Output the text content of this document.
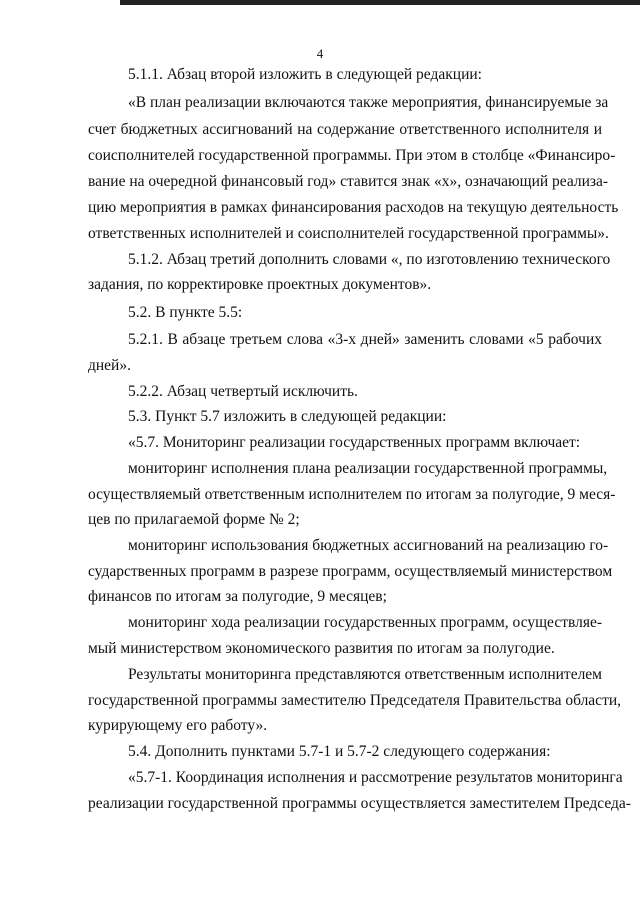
4
5.1.1. Абзац второй изложить в следующей редакции:
«В план реализации включаются также мероприятия, финансируемые за
счет бюджетных ассигнований на содержание ответственного исполнителя и
соисполнителей государственной программы. При этом в столбце «Финансиро-
вание на очередной финансовый год» ставится знак «х», означающий реализа-
цию мероприятия в рамках финансирования расходов на текущую деятельность
ответственных исполнителей и соисполнителей государственной программы».
5.1.2. Абзац третий дополнить словами «, по изготовлению технического
задания, по корректировке проектных документов».
5.2. В пункте 5.5:
5.2.1. В абзаце третьем слова «3-х дней» заменить словами «5 рабочих
дней».
5.2.2. Абзац четвертый исключить.
5.3. Пункт 5.7 изложить в следующей редакции:
«5.7. Мониторинг реализации государственных программ включает:
мониторинг исполнения плана реализации государственной программы,
осуществляемый ответственным исполнителем по итогам за полугодие, 9 меся-
цев по прилагаемой форме № 2;
мониторинг использования бюджетных ассигнований на реализацию го-
сударственных программ в разрезе программ, осуществляемый министерством
финансов по итогам за полугодие, 9 месяцев;
мониторинг хода реализации государственных программ, осуществляе-
мый министерством экономического развития по итогам за полугодие.
Результаты мониторинга представляются ответственным исполнителем
государственной программы заместителю Председателя Правительства области,
курирующему его работу».
5.4. Дополнить пунктами 5.7-1 и 5.7-2 следующего содержания:
«5.7-1. Координация исполнения и рассмотрение результатов мониторинга
реализации государственной программы осуществляется заместителем Председа-
